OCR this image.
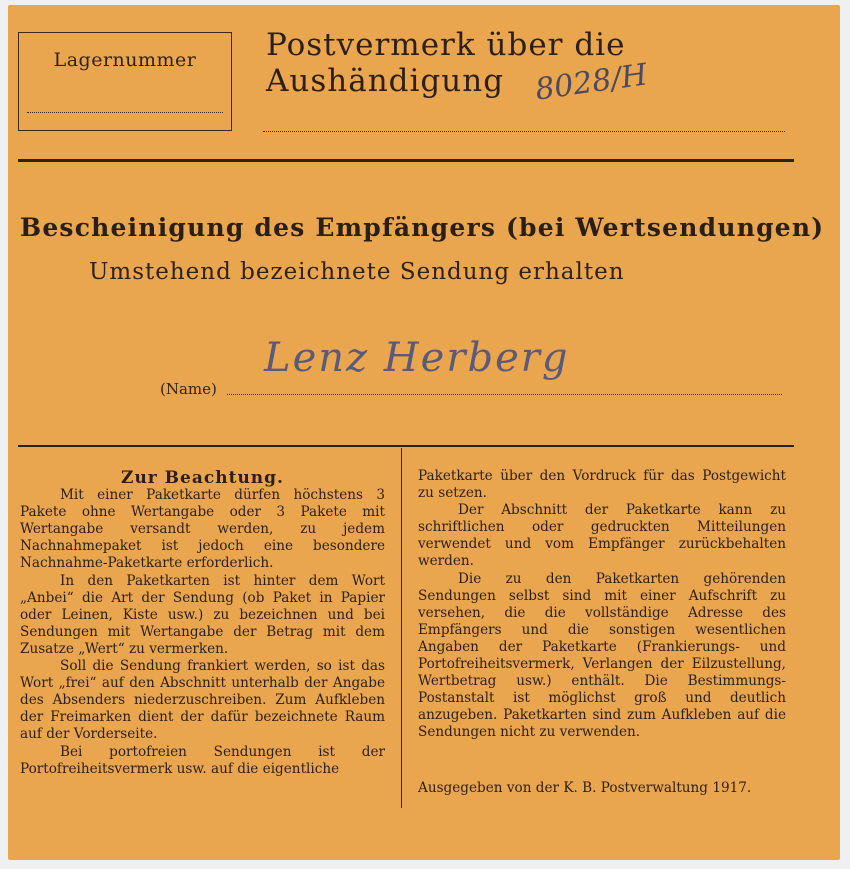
Lagernummer	Postvermerk über die Aushändigung 8028/H
Bescheinigung des Empfängers (bei Wertsendungen)
Umstehend bezeichnete Sendung erhalten
Lenz Herberg
(Name)

Zur Beachtung.

Mit einer Paketkarte dürfen höchstens 3 Pakete ohne Wertangabe oder 3 Pakete mit Wertangabe versandt werden, zu jedem Nachnahmepaket ist jedoch eine besondere Nachnahme-Paketkarte erforderlich.

In den Paketkarten ist hinter dem Wort „Anbei“ die Art der Sendung (ob Paket in Papier oder Leinen, Kiste usw.) zu bezeichnen und bei Sendungen mit Wertangabe der Betrag mit dem Zusatze „Wert“ zu vermerken.

Soll die Sendung frankiert werden, so ist das Wort „frei“ auf den Abschnitt unterhalb der Angabe des Absenders niederzuschreiben. Zum Aufkleben der Freimarken dient der dafür bezeichnete Raum auf der Vorderseite.

Bei portofreien Sendungen ist der Portofreiheitsvermerk usw. auf die eigentliche

Paketkarte über den Vordruck für das Postgewicht zu setzen.

Der Abschnitt der Paketkarte kann zu schriftlichen oder gedruckten Mitteilungen verwendet und vom Empfänger zurückbehalten werden.

Die zu den Paketkarten gehörenden Sendungen selbst sind mit einer Aufschrift zu versehen, die die vollständige Adresse des Empfängers und die sonstigen wesentlichen Angaben der Paketkarte (Frankierungs- und Portofreiheitsvermerk, Verlangen der Eilzustellung, Wertbetrag usw.) enthält. Die Bestimmungs-Postanstalt ist möglichst groß und deutlich anzugeben. Paketkarten sind zum Aufkleben auf die Sendungen nicht zu verwenden.

Ausgegeben von der K. B. Postverwaltung 1917.
